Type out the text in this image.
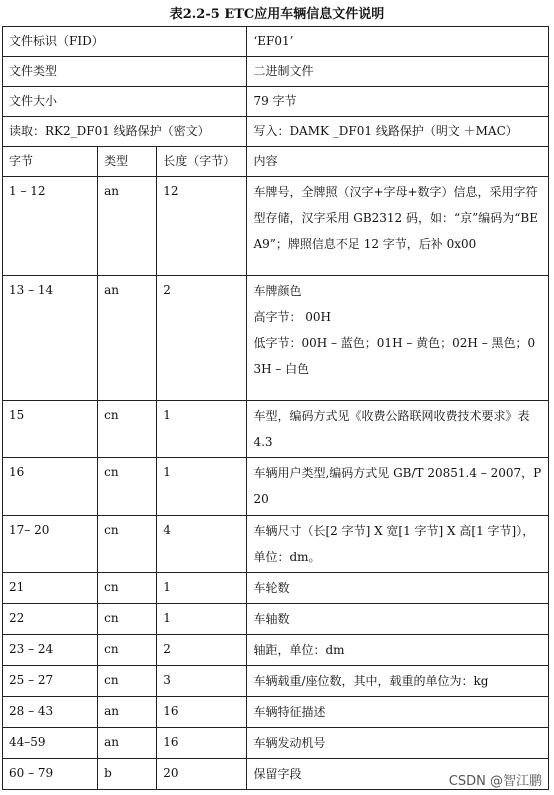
表2.2-5 ETC应用车辆信息文件说明
文件标识（FID）			‘EF01’
文件类型			二进制文件
文件大小			79 字节
读取：RK2_DF01 线路保护（密文）			写入：DAMK _DF01 线路保护（明文 ＋MAC）
字节	类型	长度（字节）	内容
1 – 12	an	12	车牌号，全牌照（汉字+字母+数字）信息，采用字符型存储，汉字采用 GB2312 码，如：“京”编码为“BEA9”；牌照信息不足 12 字节，后补 0x00

13 – 14	an	2	车牌颜色
高字节： 00H
低字节：00H – 蓝色；01H – 黄色；02H – 黑色；03H – 白色

15	cn	1	车型，编码方式见《收费公路联网收费技术要求》表 4.3

16	cn	1	车辆用户类型,编码方式见 GB/T 20851.4 – 2007，P20

17– 20	cn	4	车辆尺寸（长[2 字节] X 宽[1 字节] X 高[1 字节]），单位：dm。

21	cn	1	车轮数

22	cn	1	车轴数

23 – 24	cn	2	轴距，单位：dm

25 – 27	cn	3	车辆载重/座位数，其中，载重的单位为：kg

28 – 43	an	16	车辆特征描述

44–59	an	16	车辆发动机号

60 – 79	b	20	保留字段	CSDN @智江鹏
